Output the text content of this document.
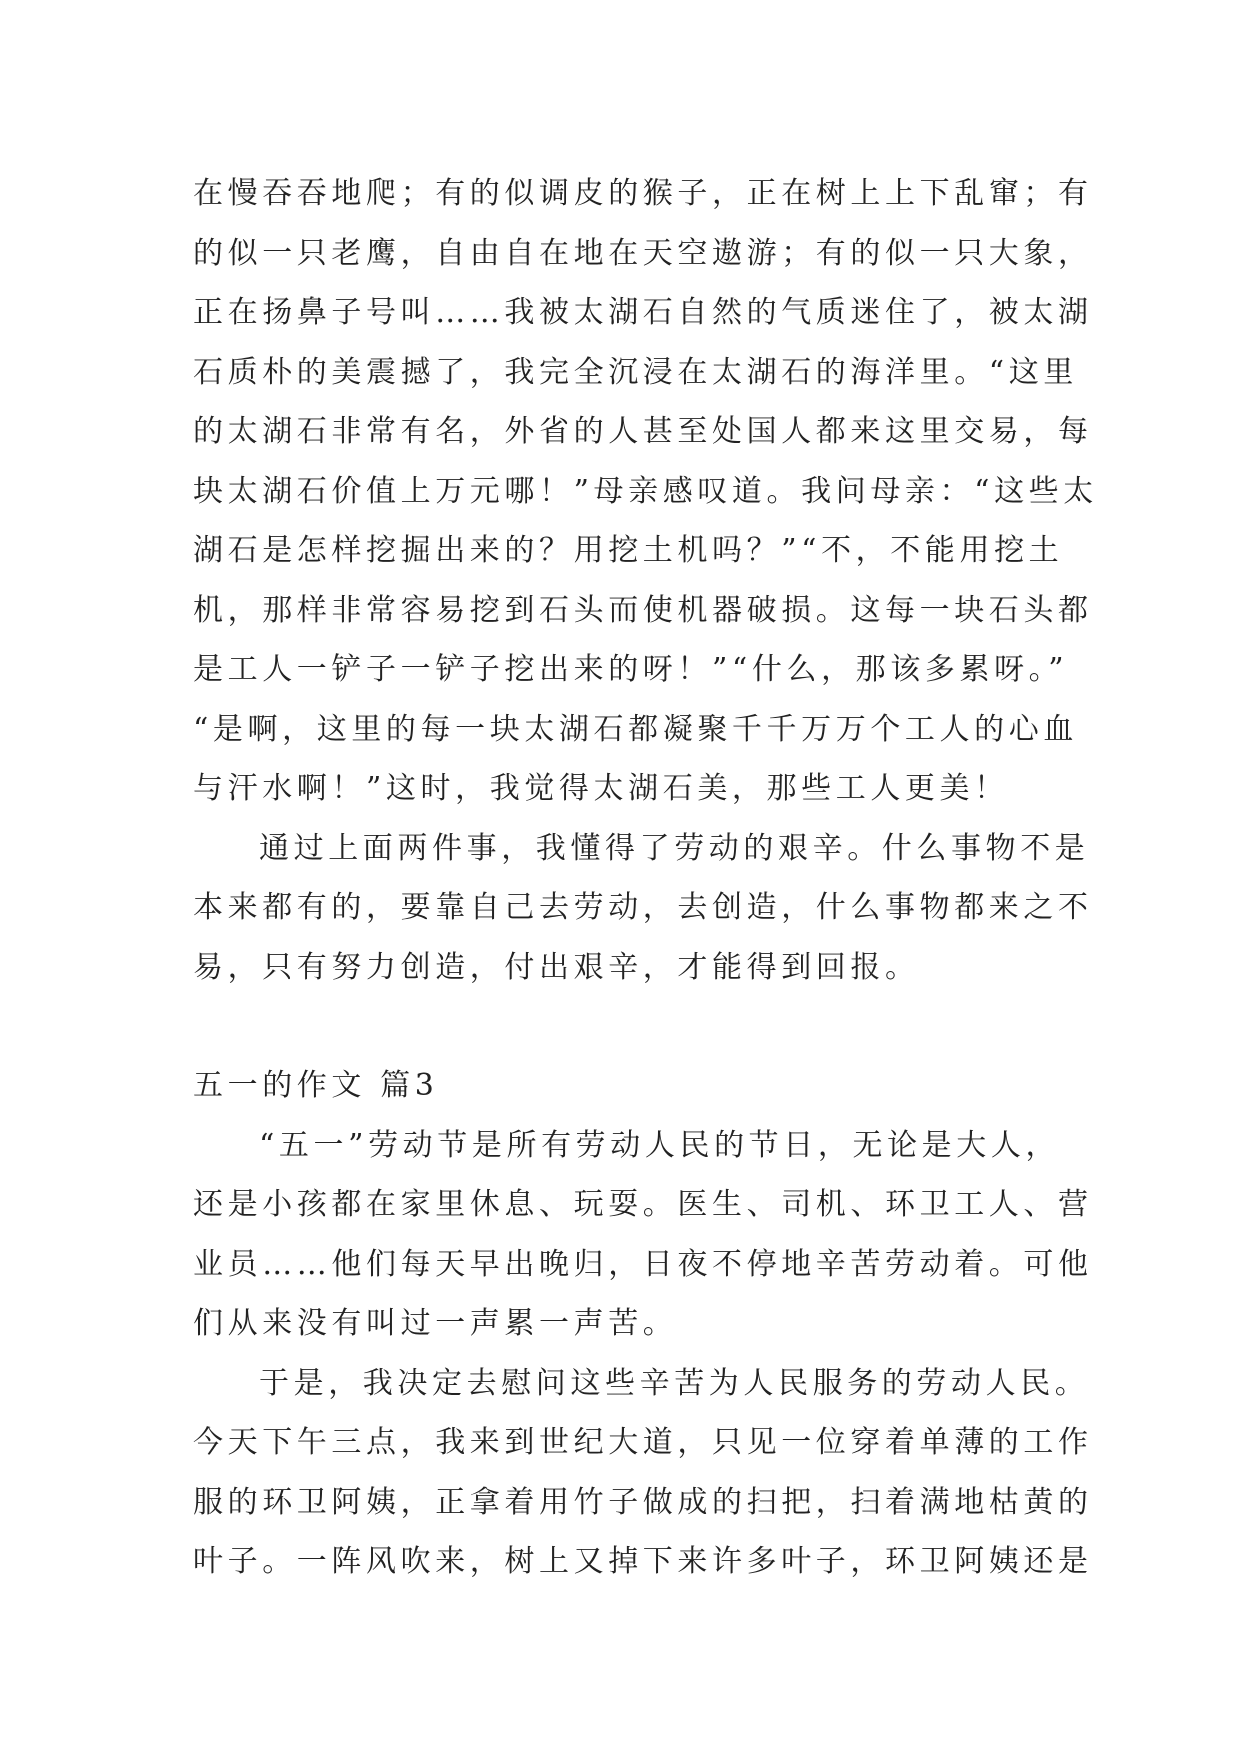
在慢吞吞地爬；有的似调皮的猴子，正在树上上下乱窜；有
的似一只老鹰，自由自在地在天空遨游；有的似一只大象，
正在扬鼻子号叫……我被太湖石自然的气质迷住了，被太湖
石质朴的美震撼了，我完全沉浸在太湖石的海洋里。“这里
的太湖石非常有名，外省的人甚至处国人都来这里交易，每
块太湖石价值上万元哪！”母亲感叹道。我问母亲：“这些太
湖石是怎样挖掘出来的？用挖土机吗？”“不，不能用挖土
机，那样非常容易挖到石头而使机器破损。这每一块石头都
是工人一铲子一铲子挖出来的呀！”“什么，那该多累呀。”
“是啊，这里的每一块太湖石都凝聚千千万万个工人的心血
与汗水啊！”这时，我觉得太湖石美，那些工人更美！
通过上面两件事，我懂得了劳动的艰辛。什么事物不是
本来都有的，要靠自己去劳动，去创造，什么事物都来之不
易，只有努力创造，付出艰辛，才能得到回报。
五一的作文 篇3
“五一”劳动节是所有劳动人民的节日，无论是大人，
还是小孩都在家里休息、玩耍。医生、司机、环卫工人、营
业员……他们每天早出晚归，日夜不停地辛苦劳动着。可他
们从来没有叫过一声累一声苦。
于是，我决定去慰问这些辛苦为人民服务的劳动人民。
今天下午三点，我来到世纪大道，只见一位穿着单薄的工作
服的环卫阿姨，正拿着用竹子做成的扫把，扫着满地枯黄的
叶子。一阵风吹来，树上又掉下来许多叶子，环卫阿姨还是
